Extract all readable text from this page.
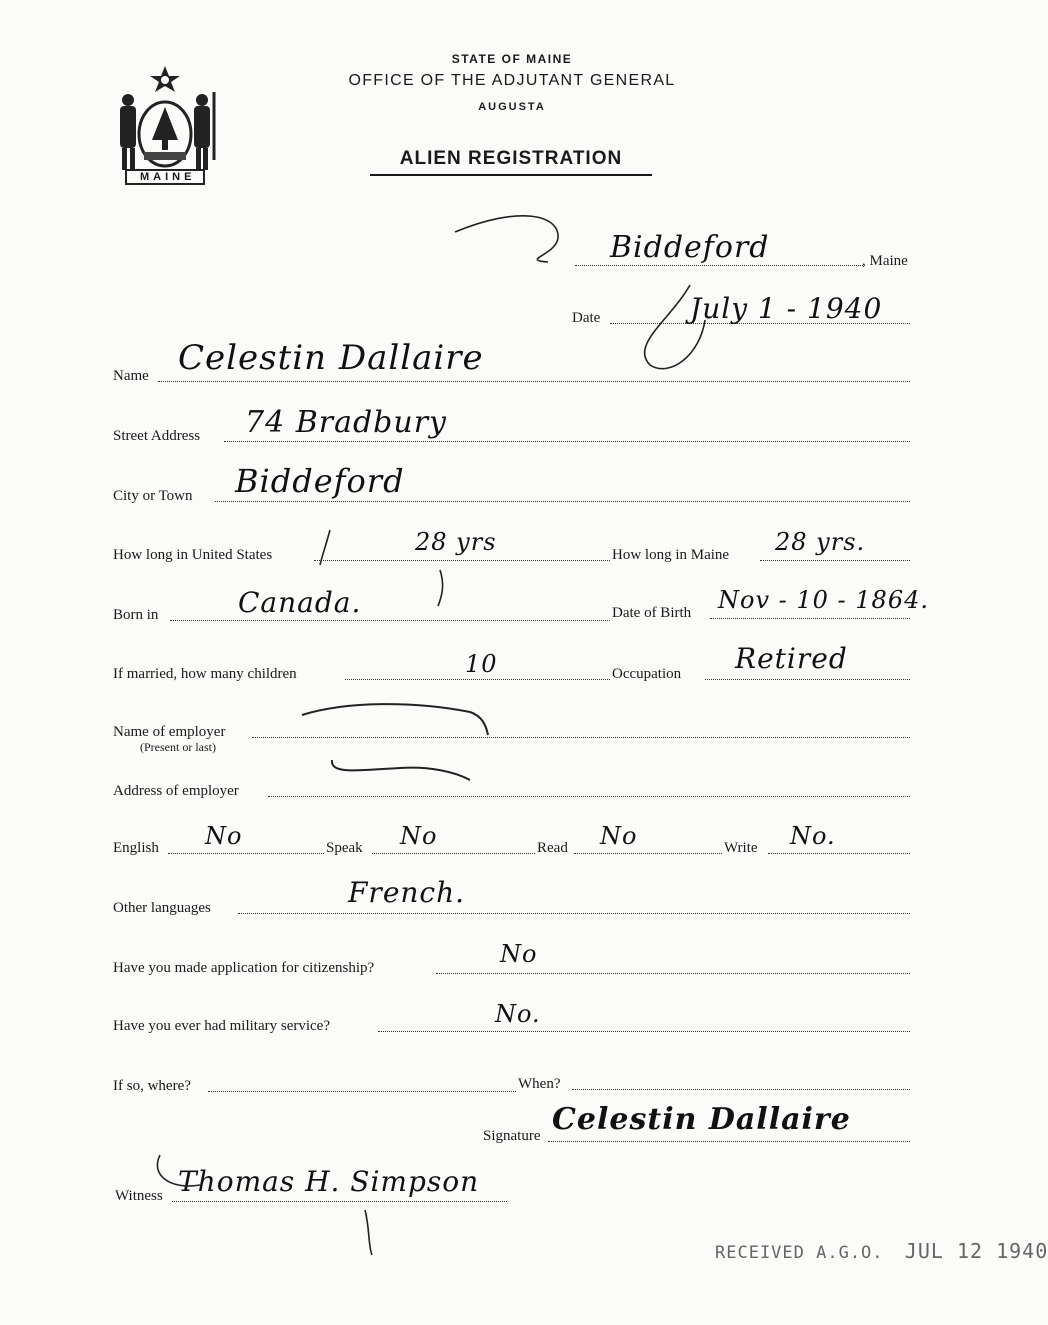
MAINE
STATE OF MAINE
OFFICE OF THE ADJUTANT GENERAL
AUGUSTA
ALIEN REGISTRATION
Biddeford	, Maine
Date	July 1 - 1940
Name Celestin Dallaire
Street Address 74 Bradbury
City or Town Biddeford
How long in United States	28 yrs	How long in Maine 28 yrs.
Born in	Canada.	Date of Birth Nov - 10 - 1864.
If married, how many children	10	Occupation Retired
Name of employer
(Present or last)
Address of employer
English No	Speak No	Read No	Write No.
Other languages	French.
Have you made application for citizenship?	No
Have you ever had military service?	No.
If so, where?	When?
Signature Celestin Dallaire
Witness Thomas H. Simpson
RECEIVED A.G.O. JUL 12 1940
